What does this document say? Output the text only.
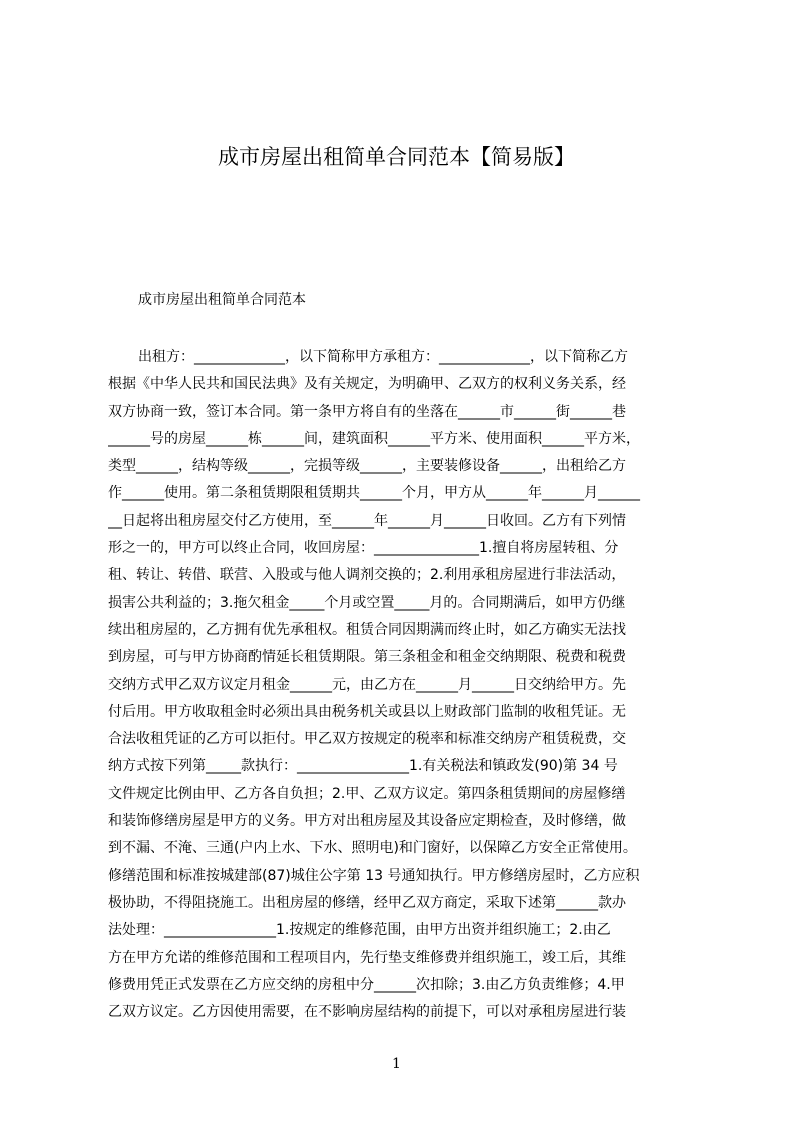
成市房屋出租简单合同范本【简易版】

成市房屋出租简单合同范本

出租方：_____________，以下简称甲方承租方：_____________，以下简称乙方
根据《中华人民共和国民法典》及有关规定，为明确甲、乙双方的权利义务关系，经
双方协商一致，签订本合同。第一条甲方将自有的坐落在______市______街______巷
______号的房屋______栋______间，建筑面积______平方米、使用面积______平方米，
类型______，结构等级______，完损等级______，主要装修设备______，出租给乙方
作______使用。第二条租赁期限租赁期共______个月，甲方从______年______月______
__日起将出租房屋交付乙方使用，至______年______月______日收回。乙方有下列情
形之一的，甲方可以终止合同，收回房屋：_______________1.擅自将房屋转租、分
租、转让、转借、联营、入股或与他人调剂交换的；2.利用承租房屋进行非法活动，
损害公共利益的；3.拖欠租金_____个月或空置_____月的。合同期满后，如甲方仍继
续出租房屋的，乙方拥有优先承租权。租赁合同因期满而终止时，如乙方确实无法找
到房屋，可与甲方协商酌情延长租赁期限。第三条租金和租金交纳期限、税费和税费
交纳方式甲乙双方议定月租金______元，由乙方在______月______日交纳给甲方。先
付后用。甲方收取租金时必须出具由税务机关或县以上财政部门监制的收租凭证。无
合法收租凭证的乙方可以拒付。甲乙双方按规定的税率和标准交纳房产租赁税费，交
纳方式按下列第_____款执行：________________1.有关税法和镇政发(90)第 34 号
文件规定比例由甲、乙方各自负担；2.甲、乙双方议定。第四条租赁期间的房屋修缮
和装饰修缮房屋是甲方的义务。甲方对出租房屋及其设备应定期检查，及时修缮，做
到不漏、不淹、三通(户内上水、下水、照明电)和门窗好，以保障乙方安全正常使用。
修缮范围和标准按城建部(87)城住公字第 13 号通知执行。甲方修缮房屋时，乙方应积
极协助，不得阻挠施工。出租房屋的修缮，经甲乙双方商定，采取下述第______款办
法处理：________________1.按规定的维修范围，由甲方出资并组织施工；2.由乙
方在甲方允诺的维修范围和工程项目内，先行垫支维修费并组织施工，竣工后，其维
修费用凭正式发票在乙方应交纳的房租中分______次扣除；3.由乙方负责维修；4.甲
乙双方议定。乙方因使用需要，在不影响房屋结构的前提下，可以对承租房屋进行装
1
